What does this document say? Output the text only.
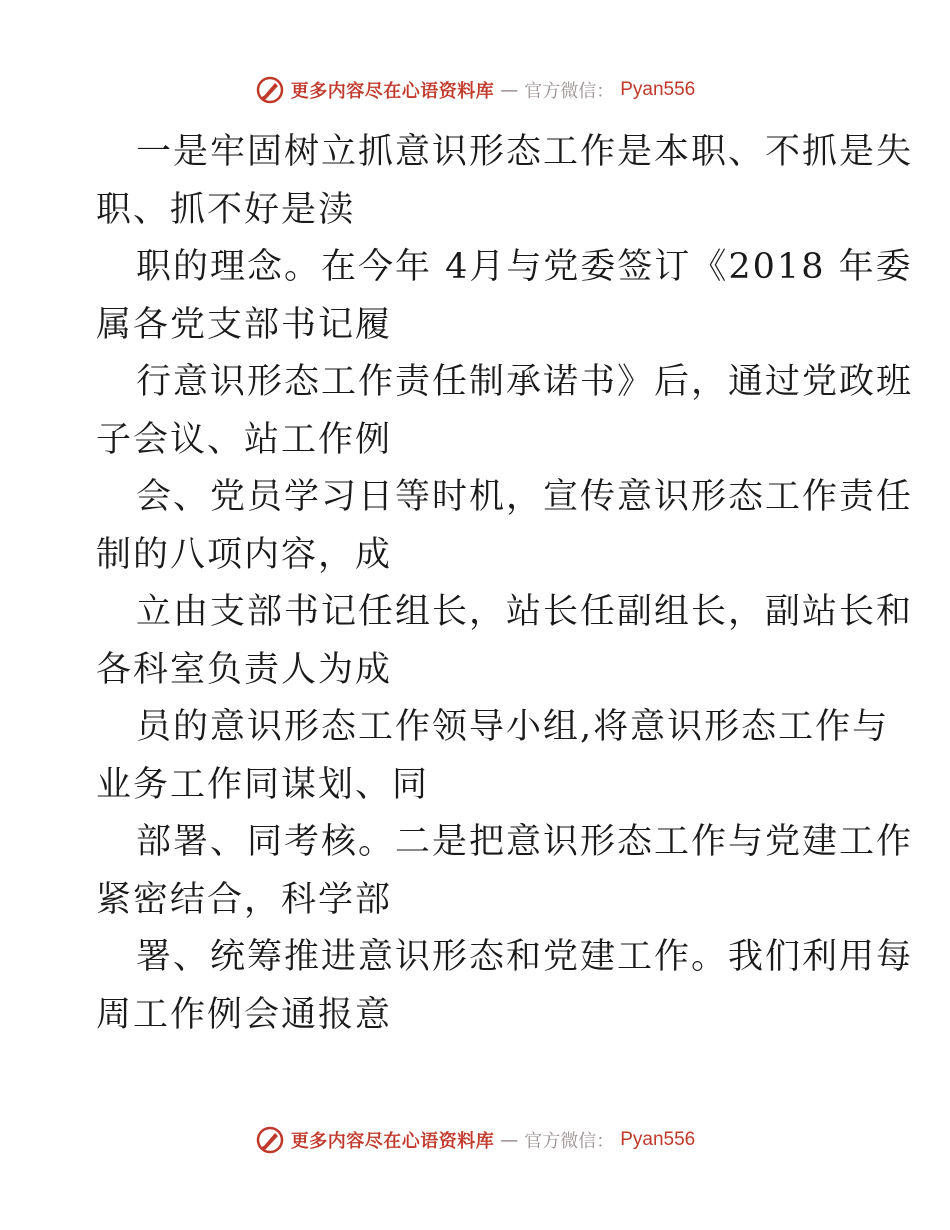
更多内容尽在心语资料库 — 官方微信： Pyan556
一是牢固树立抓意识形态工作是本职、不抓是失
职、抓不好是渎
职的理念。在今年 4月与党委签订《2018 年委
属各党支部书记履
行意识形态工作责任制承诺书》后，通过党政班
子会议、站工作例
会、党员学习日等时机，宣传意识形态工作责任
制的八项内容，成
立由支部书记任组长，站长任副组长，副站长和
各科室负责人为成
员的意识形态工作领导小组,将意识形态工作与
业务工作同谋划、同
部署、同考核。二是把意识形态工作与党建工作
紧密结合，科学部
署、统筹推进意识形态和党建工作。我们利用每
周工作例会通报意
更多内容尽在心语资料库 — 官方微信： Pyan556
